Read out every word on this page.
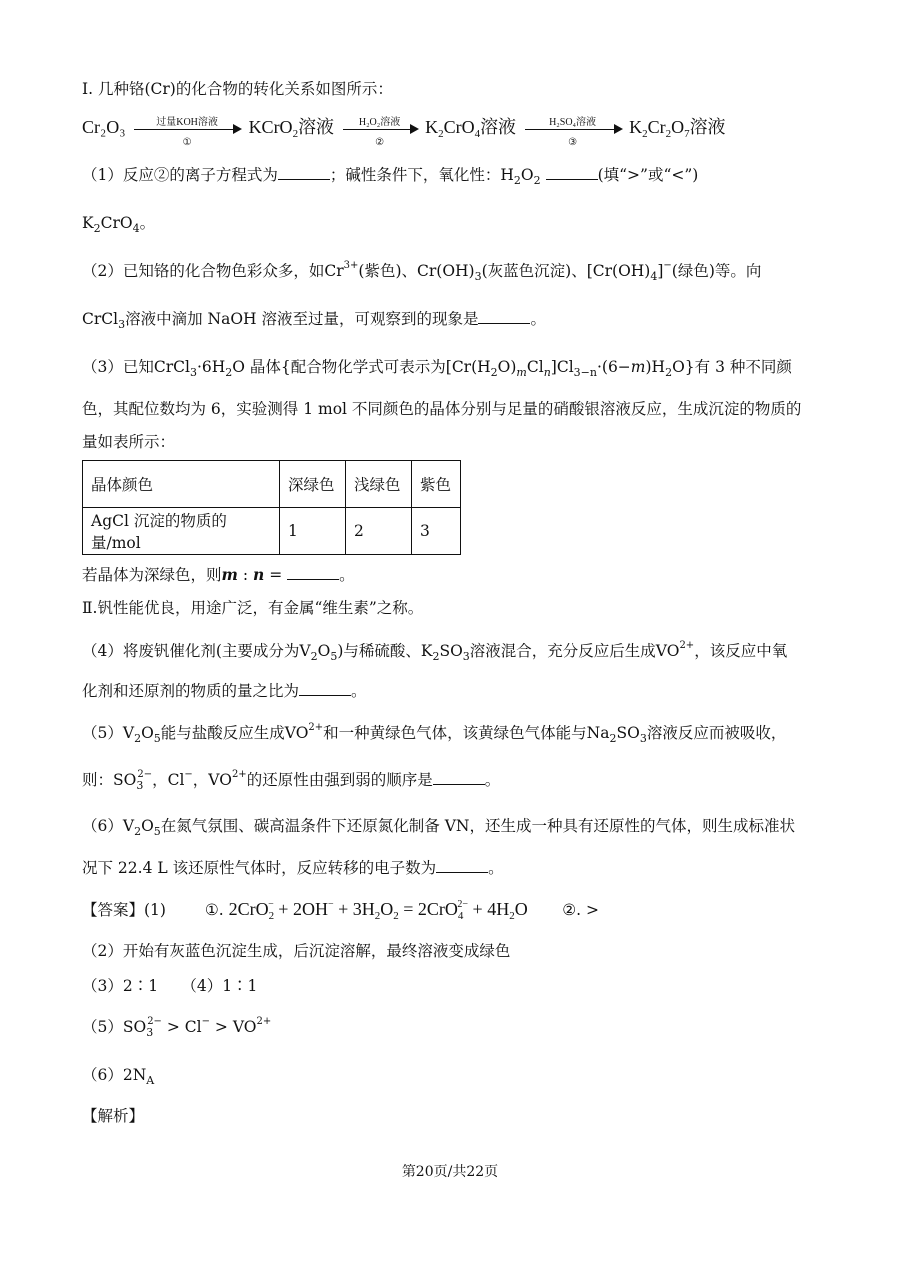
Ⅰ. 几种铬(Cr)的化合物的转化关系如图所示：
Cr₂O₃	过量KOH溶液
①
KCrO$_2$溶液	H₂O₂溶液
②
$K_2CrO_4$溶液	H₂SO₄溶液
③
$K_2Cr_2O_7$溶液
（1）反应②的离子方程式为	；碱性条件下，氧化性：$H_2O_2$	(填“>”或“<”)
$K_2CrO_4$。
（2）已知铬的化合物色彩众多，如$Cr^{3+}$(紫色)、$Cr(OH)_3$(灰蓝色沉淀)、$[Cr(OH)_4]^-$(绿色)等。向
CrCl$_3$溶液中滴加 NaOH 溶液至过量，可观察到的现象是	。
（3）已知$CrCl_3\cdot 6H_2O$ 晶体{配合物化学式可表示为$[Cr(H_2O)_mCl_n]Cl_{3-n}\cdot(6-m)H_2O$}有 3 种不同颜
色，其配位数均为 6，实验测得 1 mol 不同颜色的晶体分别与足量的硝酸银溶液反应，生成沉淀的物质的
量如表所示：
晶体颜色	深绿色	浅绿色	紫色
AgCl 沉淀的物质的量/mol	1	2	3
若晶体为深绿色，则m : n =	。
Ⅱ.钒性能优良，用途广泛，有金属“维生素”之称。
（4）将废钒催化剂(主要成分为$V_2O_5$)与稀硫酸、$K_2SO_3$溶液混合，充分反应后生成$VO^{2+}$，该反应中氧
化剂和还原剂的物质的量之比为	。
$(5)V_2O_5$能与盐酸反应生成$VO^{2+}$和一种黄绿色气体，该黄绿色气体能与$Na_2SO_3$溶液反应而被吸收，
则：$SO_3^{2-}$，Cl−，$VO^{2+}$的还原性由强到弱的顺序是	。
$(6)V_2O_5$在氮气氛围、碳高温条件下还原氮化制备 VN，还生成一种具有还原性的气体，则生成标准状
况下 22.4 L 该还原性气体时，反应转移的电子数为	。
【答案】(1)	①. $2CrO_2^- + 2OH^- + 3H_2O_2 = 2CrO_4^{2-} + 4H_2O$ ②. >
（2）开始有灰蓝色沉淀生成，后沉淀溶解，最终溶液变成绿色
（3）2∶1　　（4）1∶1
$(5)SO_3^{2-} > Cl^- > VO^{2+}$
$(6)2N_A$
【解析】
第20页/共22页
